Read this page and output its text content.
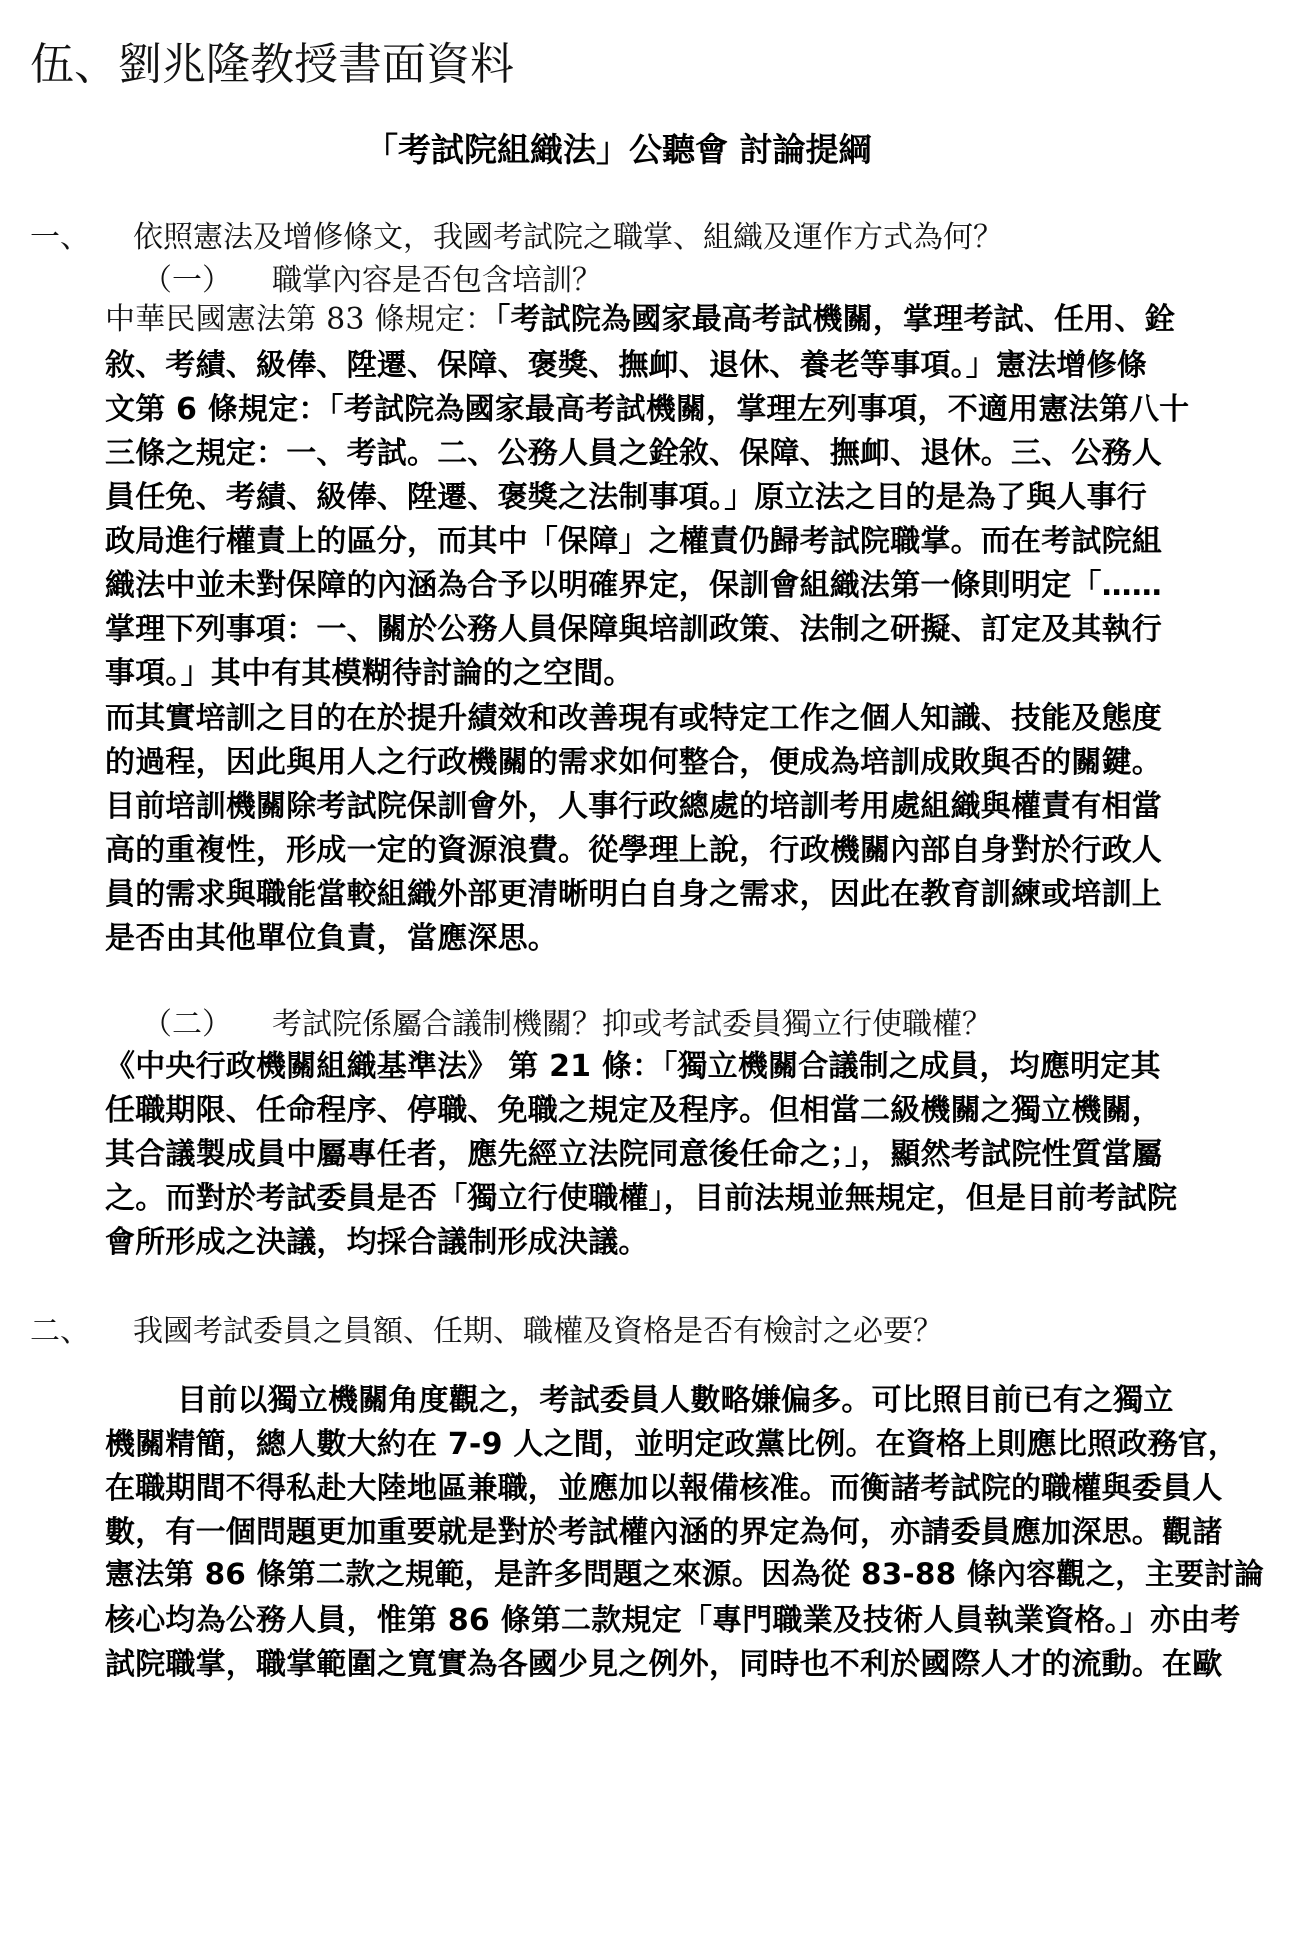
伍、劉兆隆教授書面資料
「考試院組織法」公聽會 討論提綱
一、 依照憲法及增修條文，我國考試院之職掌、組織及運作方式為何？
（一） 職掌內容是否包含培訓？
中華民國憲法第 83 條規定：「考試院為國家最高考試機關，掌理考試、任用、銓
敘、考績、級俸、陞遷、保障、褒獎、撫卹、退休、養老等事項。」憲法增修條
文第 6 條規定：「考試院為國家最高考試機關，掌理左列事項，不適用憲法第八十
三條之規定：一、考試。二、公務人員之銓敘、保障、撫卹、退休。三、公務人
員任免、考績、級俸、陞遷、褒獎之法制事項。」原立法之目的是為了與人事行
政局進行權責上的區分，而其中「保障」之權責仍歸考試院職掌。而在考試院組
織法中並未對保障的內涵為合予以明確界定，保訓會組織法第一條則明定「……
掌理下列事項：一、關於公務人員保障與培訓政策、法制之研擬、訂定及其執行
事項。」其中有其模糊待討論的之空間。
而其實培訓之目的在於提升績效和改善現有或特定工作之個人知識、技能及態度
的過程，因此與用人之行政機關的需求如何整合，便成為培訓成敗與否的關鍵。
目前培訓機關除考試院保訓會外，人事行政總處的培訓考用處組織與權責有相當
高的重複性，形成一定的資源浪費。從學理上說，行政機關內部自身對於行政人
員的需求與職能當較組織外部更清晰明白自身之需求，因此在教育訓練或培訓上
是否由其他單位負責，當應深思。
（二） 考試院係屬合議制機關？抑或考試委員獨立行使職權？
《中央行政機關組織基準法》 第 21 條：「獨立機關合議制之成員，均應明定其
任職期限、任命程序、停職、免職之規定及程序。但相當二級機關之獨立機關，
其合議製成員中屬專任者，應先經立法院同意後任命之；」，顯然考試院性質當屬
之。而對於考試委員是否「獨立行使職權」，目前法規並無規定，但是目前考試院
會所形成之決議，均採合議制形成決議。
二、 我國考試委員之員額、任期、職權及資格是否有檢討之必要？
目前以獨立機關角度觀之，考試委員人數略嫌偏多。可比照目前已有之獨立
機關精簡，總人數大約在 7-9 人之間，並明定政黨比例。在資格上則應比照政務官，
在職期間不得私赴大陸地區兼職，並應加以報備核准。而衡諸考試院的職權與委員人
數，有一個問題更加重要就是對於考試權內涵的界定為何，亦請委員應加深思。觀諸
憲法第 86 條第二款之規範，是許多問題之來源。因為從 83-88 條內容觀之，主要討論
核心均為公務人員，惟第 86 條第二款規定「專門職業及技術人員執業資格。」亦由考
試院職掌，職掌範圍之寬實為各國少見之例外，同時也不利於國際人才的流動。在歐
